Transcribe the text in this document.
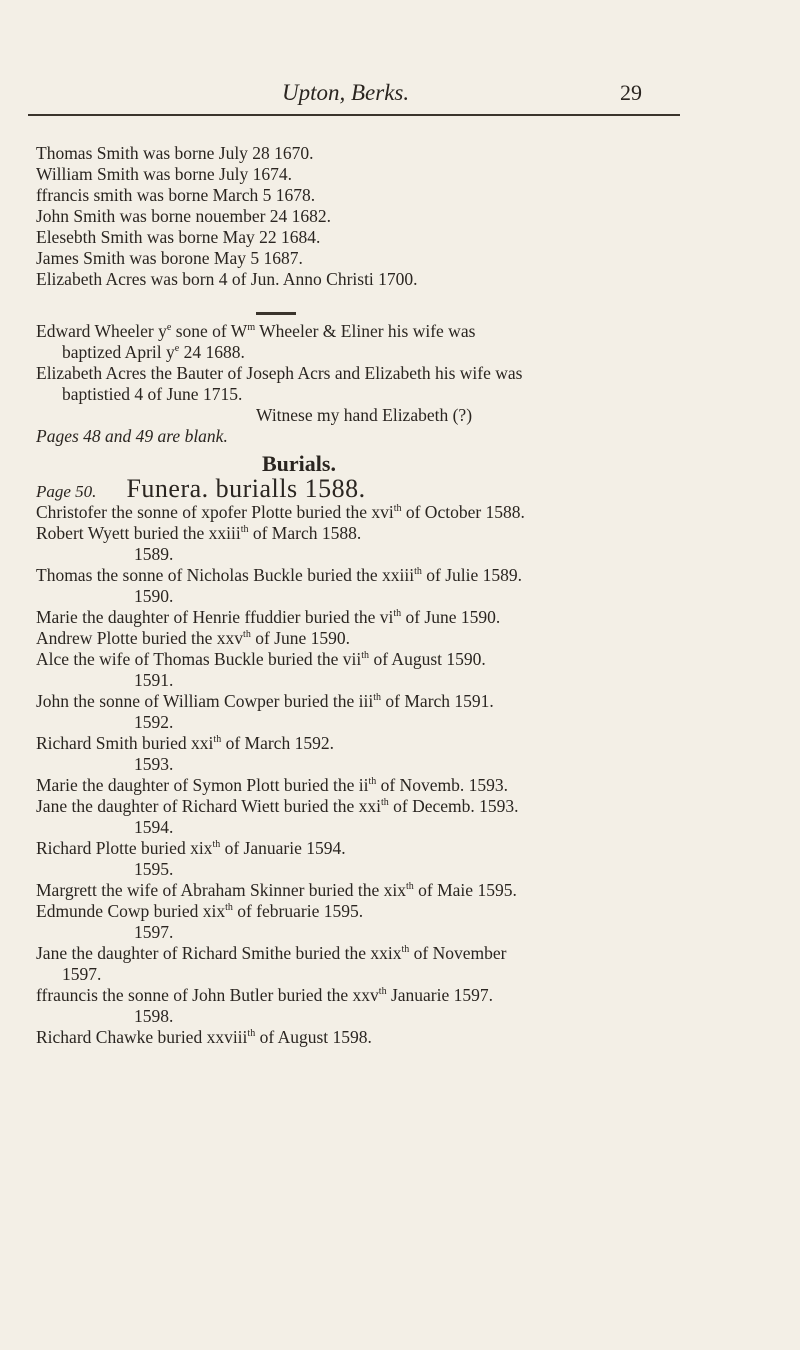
Upton, Berks.	29
Thomas Smith was borne July 28 1670.
William Smith was borne July 1674.
ffrancis smith was borne March 5 1678.
John Smith was borne nouember 24 1682.
Elesebth Smith was borne May 22 1684.
James Smith was borone May 5 1687.
Elizabeth Acres was born 4 of Jun. Anno Christi 1700.
Edward Wheeler $y^e$ sone of $W^m$ Wheeler & Eliner his wife was
baptized April $y^e$ 24 1688.
Elizabeth Acres the Bauter of Joseph Acrs and Elizabeth his wife was
baptistied 4 of June 1715.
Witnese my hand Elizabeth (?)
Pages 48 and 49 are blank.
Burials.
Page 50. Funera. burialls 1588.
Christofer the sonne of xpofer Plotte buried the xvi$^{th}$ of October 1588.
Robert Wyett buried the xxiii$^{th}$ of March 1588.
1589.
Thomas the sonne of Nicholas Buckle buried the xxiii$^{th}$ of Julie 1589.
1590.
Marie the daughter of Henrie ffuddier buried the $vi^{th}$ of June 1590.
Andrew Plotte buried the xxv$^{th}$ of June 1590.
Alce the wife of Thomas Buckle buried the vii$^{th}$ of August 1590.
1591.
John the sonne of William Cowper buried the iii$^{th}$ of March 1591.
1592.
Richard Smith buried xxi$^{th}$ of March 1592.
1593.
Marie the daughter of Symon Plott buried the $ii^{th}$ of Novemb. 1593.
Jane the daughter of Richard Wiett buried the xxi$^{th}$ of Decemb. 1593.
1594.
Richard Plotte buried xix$^{th}$ of Januarie 1594.
1595.
Margrett the wife of Abraham Skinner buried the xix$^{th}$ of Maie 1595.
Edmunde Cowp buried xix$^{th}$ of februarie 1595.
1597.
Jane the daughter of Richard Smithe buried the xxix$^{th}$ of November
1597.
ffrauncis the sonne of John Butler buried the xxv$^{th}$ Januarie 1597.
1598.
Richard Chawke buried xxviii$^{th}$ of August 1598.
